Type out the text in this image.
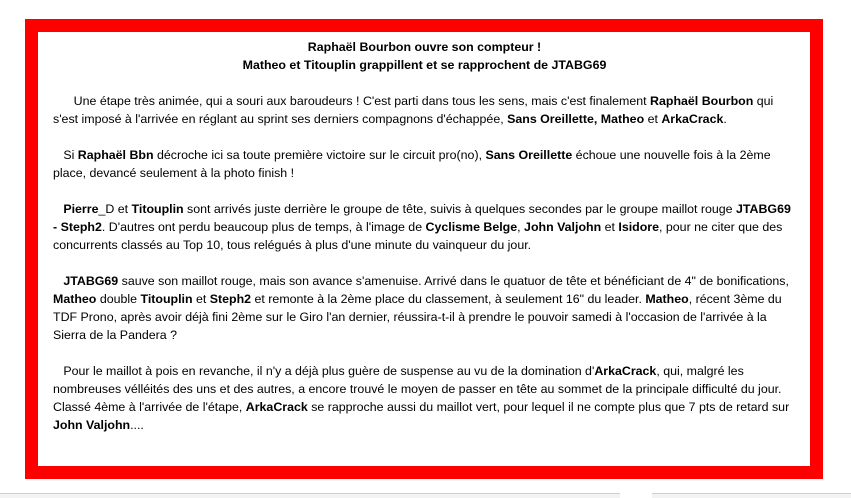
Raphaël Bourbon ouvre son compteur !
Matheo et Titouplin grappillent et se rapprochent de JTABG69
Une étape très animée, qui a souri aux baroudeurs ! C'est parti dans tous les sens, mais c'est finalement Raphaël Bourbon qui s'est imposé à l'arrivée en réglant au sprint ses derniers compagnons d'échappée, Sans Oreillette, Matheo et ArkaCrack.
Si Raphaël Bbn décroche ici sa toute première victoire sur le circuit pro(no), Sans Oreillette échoue une nouvelle fois à la 2ème place, devancé seulement à la photo finish !
Pierre_D et Titouplin sont arrivés juste derrière le groupe de tête, suivis à quelques secondes par le groupe maillot rouge JTABG69 - Steph2. D'autres ont perdu beaucoup plus de temps, à l'image de Cyclisme Belge, John Valjohn et Isidore, pour ne citer que des concurrents classés au Top 10, tous relégués à plus d'une minute du vainqueur du jour.
JTABG69 sauve son maillot rouge, mais son avance s'amenuise. Arrivé dans le quatuor de tête et bénéficiant de 4" de bonifications, Matheo double Titouplin et Steph2 et remonte à la 2ème place du classement, à seulement 16" du leader. Matheo, récent 3ème du TDF Prono, après avoir déjà fini 2ème sur le Giro l'an dernier, réussira-t-il à prendre le pouvoir samedi à l'occasion de l'arrivée à la Sierra de la Pandera ?
Pour le maillot à pois en revanche, il n'y a déjà plus guère de suspense au vu de la domination d'ArkaCrack, qui, malgré les nombreuses vélléités des uns et des autres, a encore trouvé le moyen de passer en tête au sommet de la principale difficulté du jour. Classé 4ème à l'arrivée de l'étape, ArkaCrack se rapproche aussi du maillot vert, pour lequel il ne compte plus que 7 pts de retard sur John Valjohn....
